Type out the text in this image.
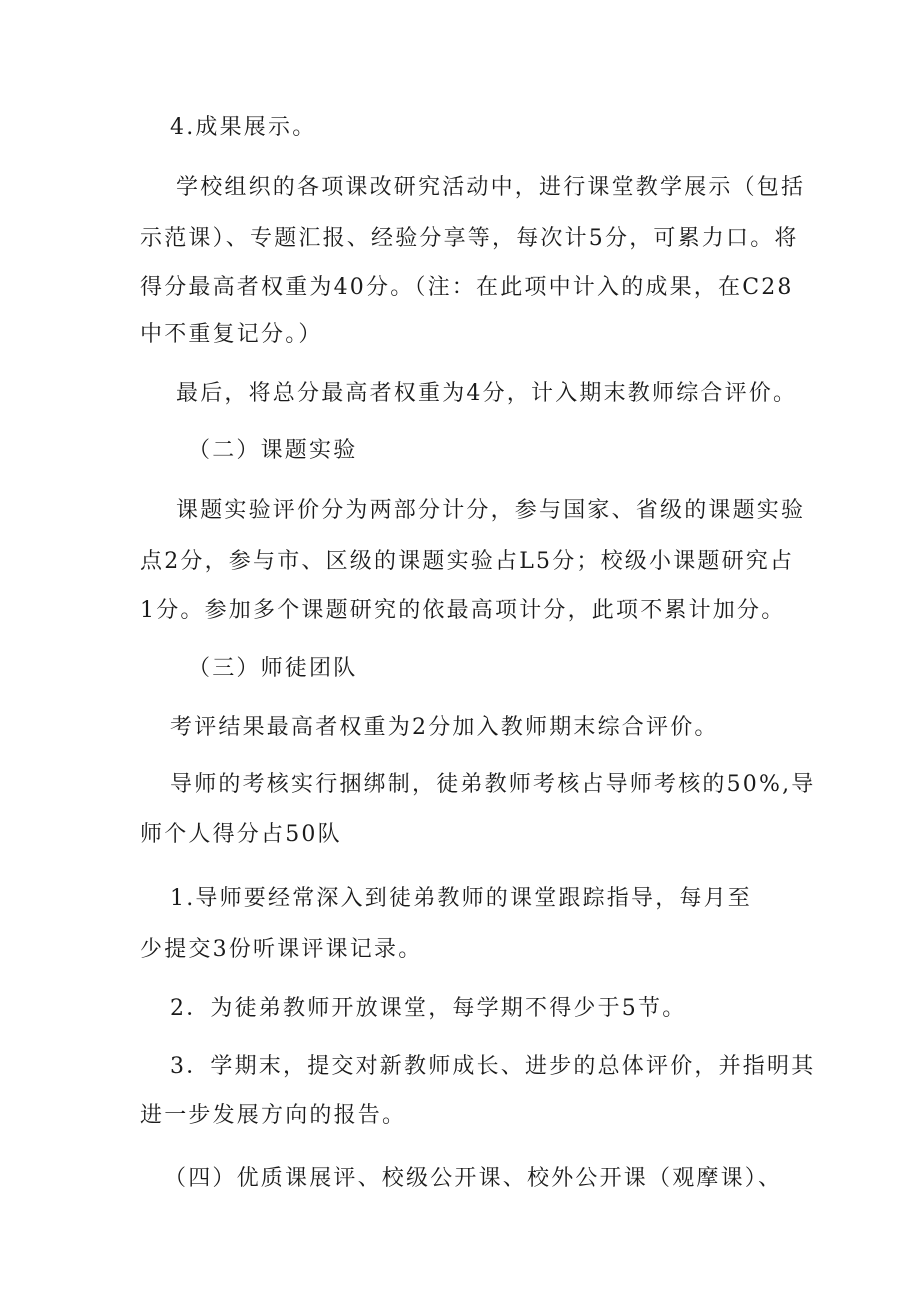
4.成果展示。
学校组织的各项课改研究活动中，进行课堂教学展示（包括
示范课）、专题汇报、经验分享等，每次计5分，可累力口。将
得分最高者权重为40分。（注：在此项中计入的成果，在C28
中不重复记分。）
最后，将总分最高者权重为4分，计入期末教师综合评价。
（二）课题实验
课题实验评价分为两部分计分，参与国家、省级的课题实验
点2分，参与市、区级的课题实验占L5分；校级小课题研究占
1分。参加多个课题研究的依最高项计分，此项不累计加分。
（三）师徒团队
考评结果最高者权重为2分加入教师期末综合评价。
导师的考核实行捆绑制，徒弟教师考核占导师考核的50%,导
师个人得分占50队
1.导师要经常深入到徒弟教师的课堂跟踪指导，每月至
少提交3份听课评课记录。
2．为徒弟教师开放课堂，每学期不得少于5节。
3．学期末，提交对新教师成长、进步的总体评价，并指明其
进一步发展方向的报告。
（四）优质课展评、校级公开课、校外公开课（观摩课）、
